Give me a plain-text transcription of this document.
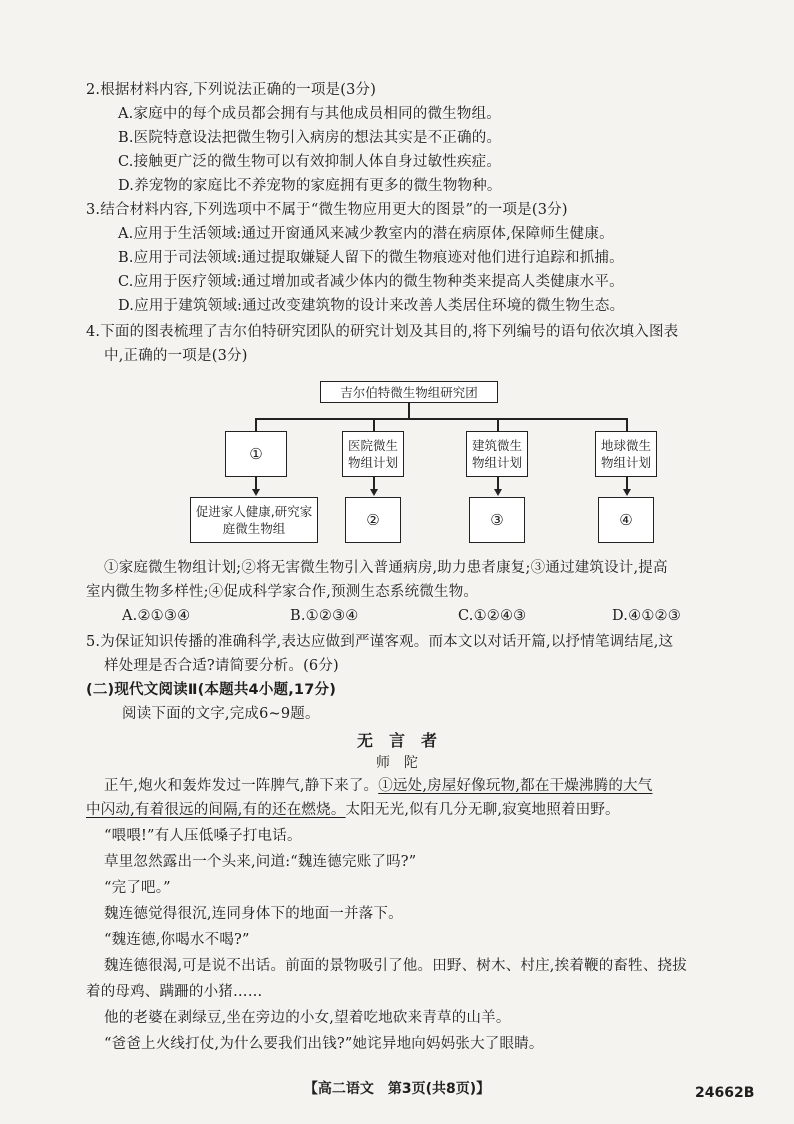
2.根据材料内容,下列说法正确的一项是(3分)
A.家庭中的每个成员都会拥有与其他成员相同的微生物组。
B.医院特意设法把微生物引入病房的想法其实是不正确的。
C.接触更广泛的微生物可以有效抑制人体自身过敏性疾症。
D.养宠物的家庭比不养宠物的家庭拥有更多的微生物物种。
3.结合材料内容,下列选项中不属于“微生物应用更大的图景”的一项是(3分)
A.应用于生活领域:通过开窗通风来减少教室内的潜在病原体,保障师生健康。
B.应用于司法领域:通过提取嫌疑人留下的微生物痕迹对他们进行追踪和抓捕。
C.应用于医疗领域:通过增加或者减少体内的微生物种类来提高人类健康水平。
D.应用于建筑领域:通过改变建筑物的设计来改善人类居住环境的微生物生态。
4.下面的图表梳理了吉尔伯特研究团队的研究计划及其目的,将下列编号的语句依次填入图表
中,正确的一项是(3分)
吉尔伯特微生物组研究团
①	医院微生物组计划
建筑微生物组计划
地球微生物组计划
促进家人健康,研究家庭微生物组	②	③	④
①家庭微生物组计划;②将无害微生物引入普通病房,助力患者康复;③通过建筑设计,提高
室内微生物多样性;④促成科学家合作,预测生态系统微生物。
A.②①③④	B.①②③④	C.①②④③	D.④①②③
5.为保证知识传播的准确科学,表达应做到严谨客观。而本文以对话开篇,以抒情笔调结尾,这
样处理是否合适?请简要分析。(6分)
(二)现代文阅读Ⅱ(本题共4小题,17分)
阅读下面的文字,完成6~9题。
无　言　者
师　陀
正午,炮火和轰炸发过一阵脾气,静下来了。①远处,房屋好像玩物,都在干燥沸腾的大气
中闪动,有着很远的间隔,有的还在燃烧。太阳无光,似有几分无聊,寂寞地照着田野。
“喂喂!”有人压低嗓子打电话。
草里忽然露出一个头来,问道:“魏连德完账了吗?”
“完了吧。”
魏连德觉得很沉,连同身体下的地面一并落下。
“魏连德,你喝水不喝?”
魏连德很渴,可是说不出话。前面的景物吸引了他。田野、树木、村庄,挨着鞭的畜牲、挠拔
着的母鸡、蹒跚的小猪……
他的老婆在剥绿豆,坐在旁边的小女,望着吃地砍来青草的山羊。
“爸爸上火线打仗,为什么要我们出钱?”她诧异地向妈妈张大了眼睛。
【高二语文　第3页(共8页)】	24662B
